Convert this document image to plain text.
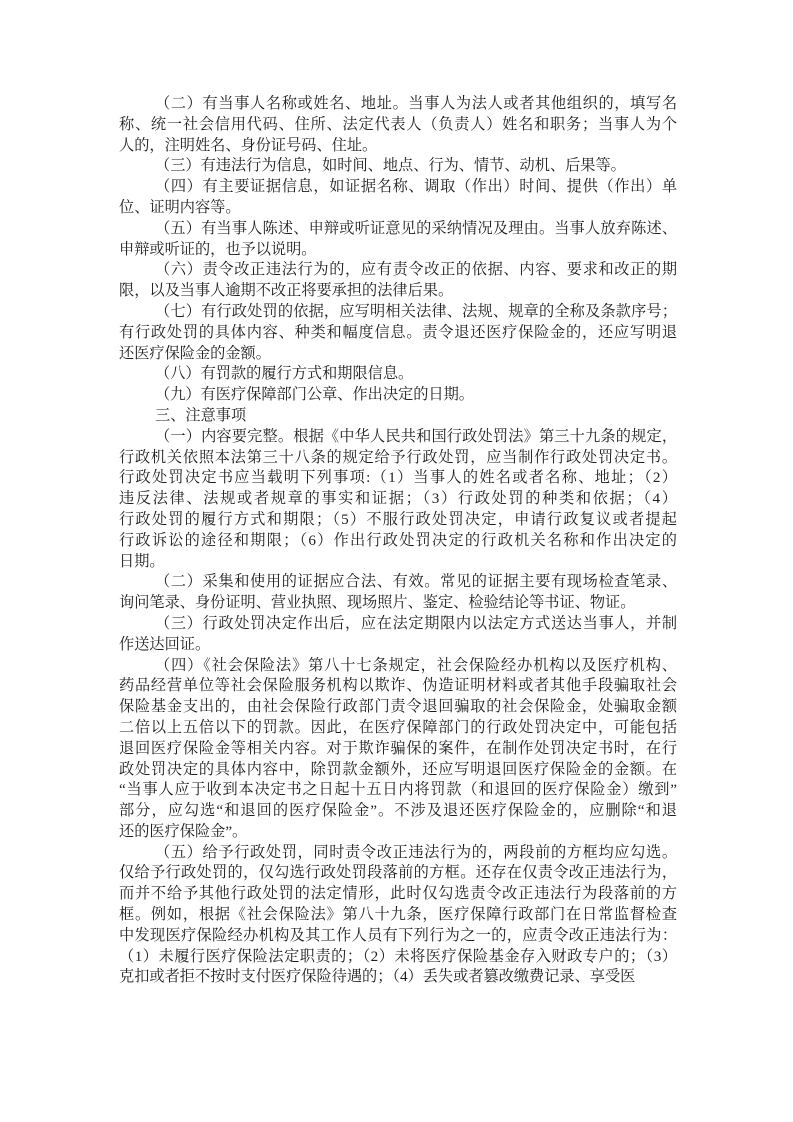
（二）有当事人名称或姓名、地址。当事人为法人或者其他组织的，填写名
称、统一社会信用代码、住所、法定代表人（负责人）姓名和职务；当事人为个
人的，注明姓名、身份证号码、住址。

（三）有违法行为信息，如时间、地点、行为、情节、动机、后果等。

（四）有主要证据信息，如证据名称、调取（作出）时间、提供（作出）单
位、证明内容等。

（五）有当事人陈述、申辩或听证意见的采纳情况及理由。当事人放弃陈述、
申辩或听证的，也予以说明。

（六）责令改正违法行为的，应有责令改正的依据、内容、要求和改正的期
限，以及当事人逾期不改正将要承担的法律后果。

（七）有行政处罚的依据，应写明相关法律、法规、规章的全称及条款序号；
有行政处罚的具体内容、种类和幅度信息。责令退还医疗保险金的，还应写明退
还医疗保险金的金额。

（八）有罚款的履行方式和期限信息。

（九）有医疗保障部门公章、作出决定的日期。

三、注意事项

（一）内容要完整。根据《中华人民共和国行政处罚法》第三十九条的规定，
行政机关依照本法第三十八条的规定给予行政处罚，应当制作行政处罚决定书。
行政处罚决定书应当载明下列事项:（1）当事人的姓名或者名称、地址；（2）
违反法律、法规或者规章的事实和证据；（3）行政处罚的种类和依据；（4）
行政处罚的履行方式和期限；（5）不服行政处罚决定，申请行政复议或者提起
行政诉讼的途径和期限；（6）作出行政处罚决定的行政机关名称和作出决定的
日期。

（二）采集和使用的证据应合法、有效。常见的证据主要有现场检查笔录、
询问笔录、身份证明、营业执照、现场照片、鉴定、检验结论等书证、物证。

（三）行政处罚决定作出后，应在法定期限内以法定方式送达当事人，并制
作送达回证。

（四）《社会保险法》第八十七条规定，社会保险经办机构以及医疗机构、
药品经营单位等社会保险服务机构以欺诈、伪造证明材料或者其他手段骗取社会
保险基金支出的，由社会保险行政部门责令退回骗取的社会保险金，处骗取金额
二倍以上五倍以下的罚款。因此，在医疗保障部门的行政处罚决定中，可能包括
退回医疗保险金等相关内容。对于欺诈骗保的案件，在制作处罚决定书时，在行
政处罚决定的具体内容中，除罚款金额外，还应写明退回医疗保险金的金额。在
“当事人应于收到本决定书之日起十五日内将罚款（和退回的医疗保险金）缴到”
部分，应勾选“和退回的医疗保险金”。不涉及退还医疗保险金的，应删除“和退
还的医疗保险金”。

（五）给予行政处罚，同时责令改正违法行为的，两段前的方框均应勾选。
仅给予行政处罚的，仅勾选行政处罚段落前的方框。还存在仅责令改正违法行为，
而并不给予其他行政处罚的法定情形，此时仅勾选责令改正违法行为段落前的方
框。例如，根据《社会保险法》第八十九条，医疗保障行政部门在日常监督检查
中发现医疗保险经办机构及其工作人员有下列行为之一的，应责令改正违法行为：
（1）未履行医疗保险法定职责的；（2）未将医疗保险基金存入财政专户的；（3）
克扣或者拒不按时支付医疗保险待遇的；（4）丢失或者篡改缴费记录、享受医
